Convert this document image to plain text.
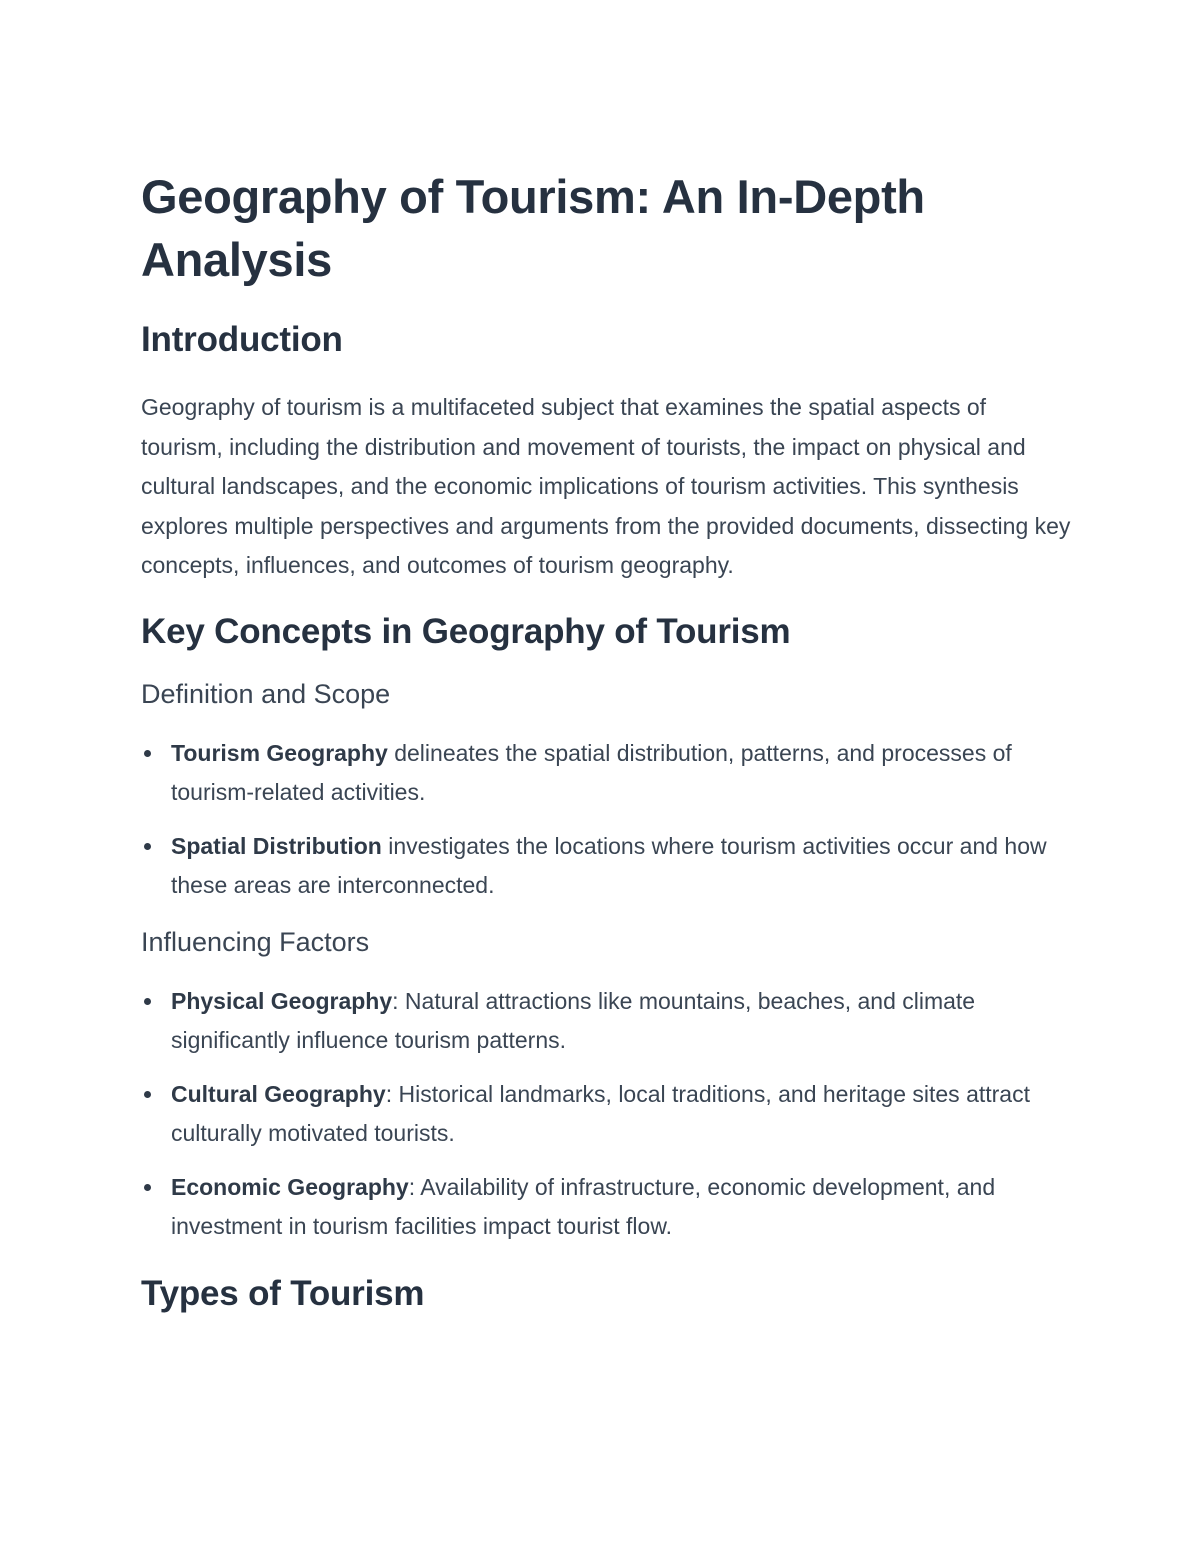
Geography of Tourism: An In-Depth Analysis
Introduction

Geography of tourism is a multifaceted subject that examines the spatial aspects of tourism, including the distribution and movement of tourists, the impact on physical and cultural landscapes, and the economic implications of tourism activities. This synthesis explores multiple perspectives and arguments from the provided documents, dissecting key concepts, influences, and outcomes of tourism geography.

Key Concepts in Geography of Tourism
Definition and Scope
Tourism Geography delineates the spatial distribution, patterns, and processes of tourism-related activities.
Spatial Distribution investigates the locations where tourism activities occur and how these areas are interconnected.
Influencing Factors
Physical Geography: Natural attractions like mountains, beaches, and climate significantly influence tourism patterns.
Cultural Geography: Historical landmarks, local traditions, and heritage sites attract culturally motivated tourists.
Economic Geography: Availability of infrastructure, economic development, and investment in tourism facilities impact tourist flow.
Types of Tourism
